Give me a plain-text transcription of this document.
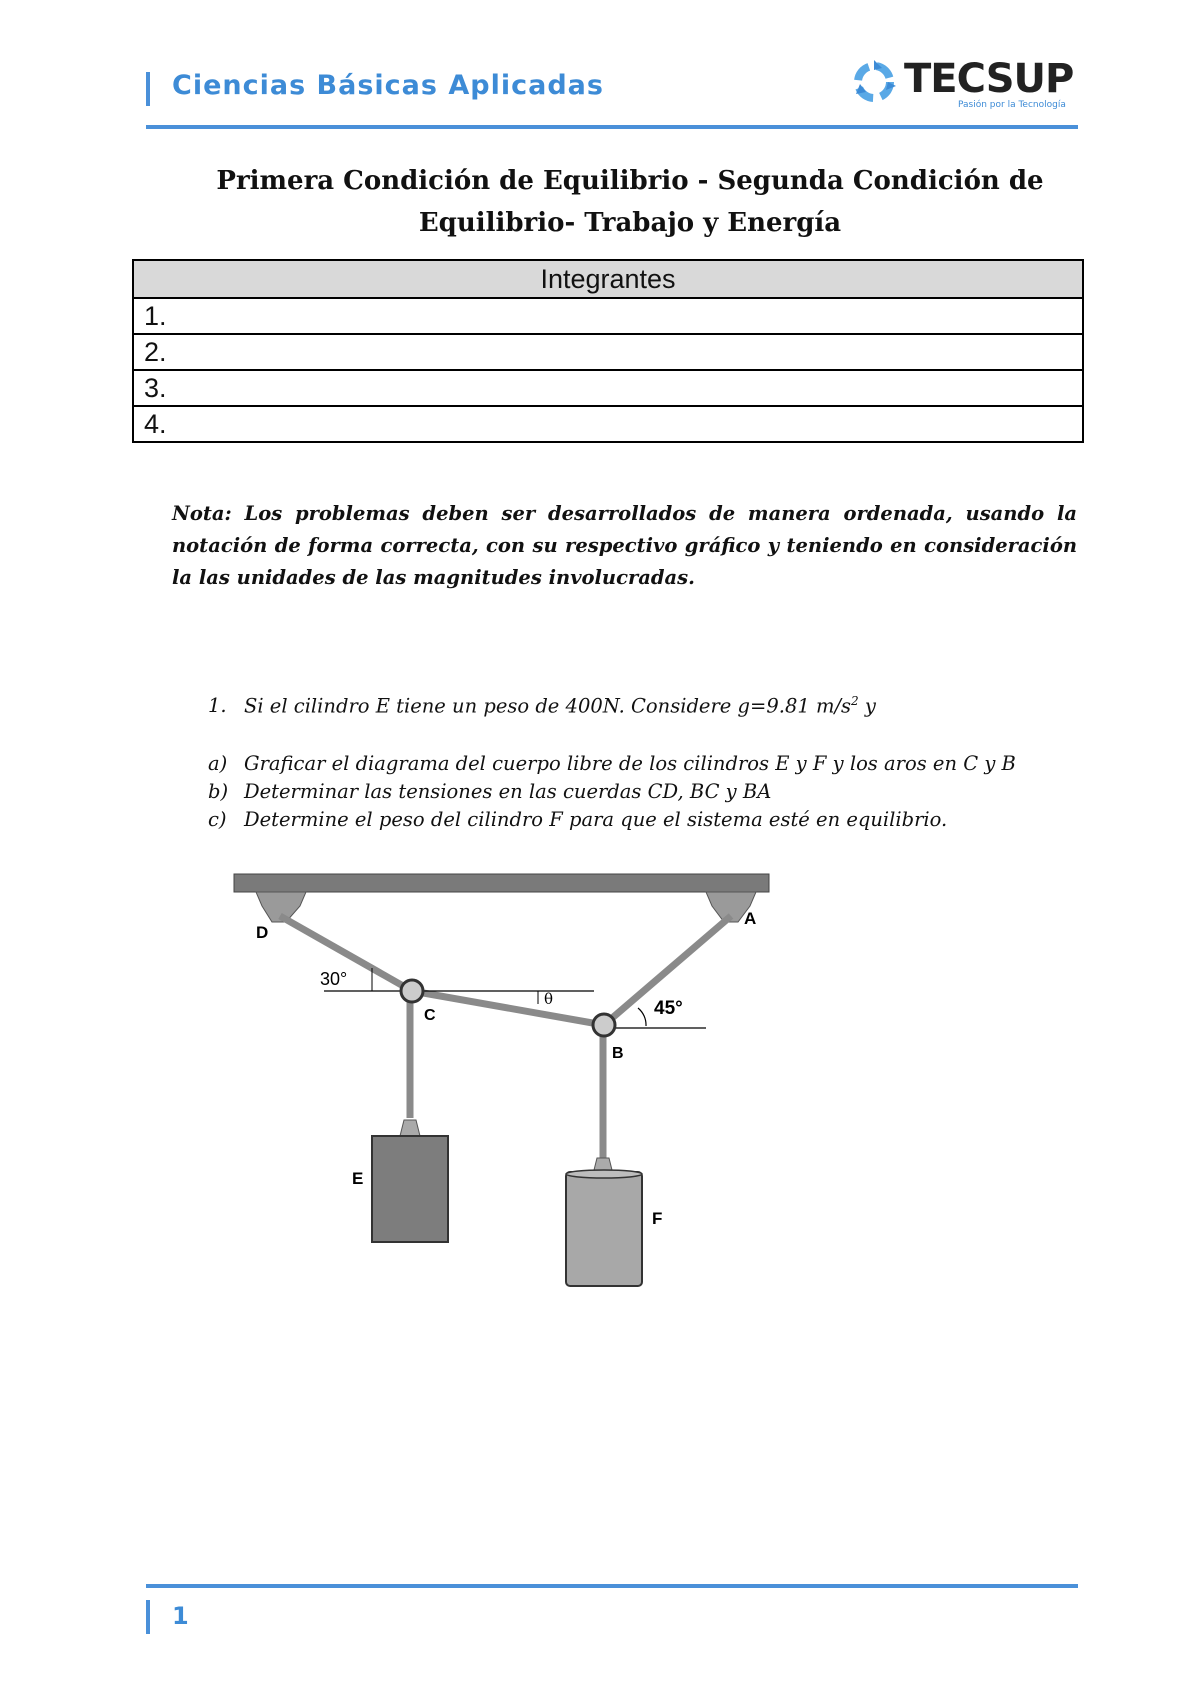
Ciencias Básicas Aplicadas	TECSUP
Pasión por la Tecnología
Primera Condición de Equilibrio - Segunda Condición de Equilibrio- Trabajo y Energía
Integrantes
1.
2.
3.
4.
Nota: Los problemas deben ser desarrollados de manera ordenada, usando la notación de forma correcta, con su respectivo gráfico y teniendo en consideración la las unidades de las magnitudes involucradas.
1. Si el cilindro E tiene un peso de 400N. Considere g=9.81 $m/s^2$ y
a) Graficar el diagrama del cuerpo libre de los cilindros E y F y los aros en C y B
b) Determinar las tensiones en las cuerdas CD, BC y BA
c) Determine el peso del cilindro F para que el sistema esté en equilibrio.
D
A
C
B
E
F
30°
45°
θ
1
